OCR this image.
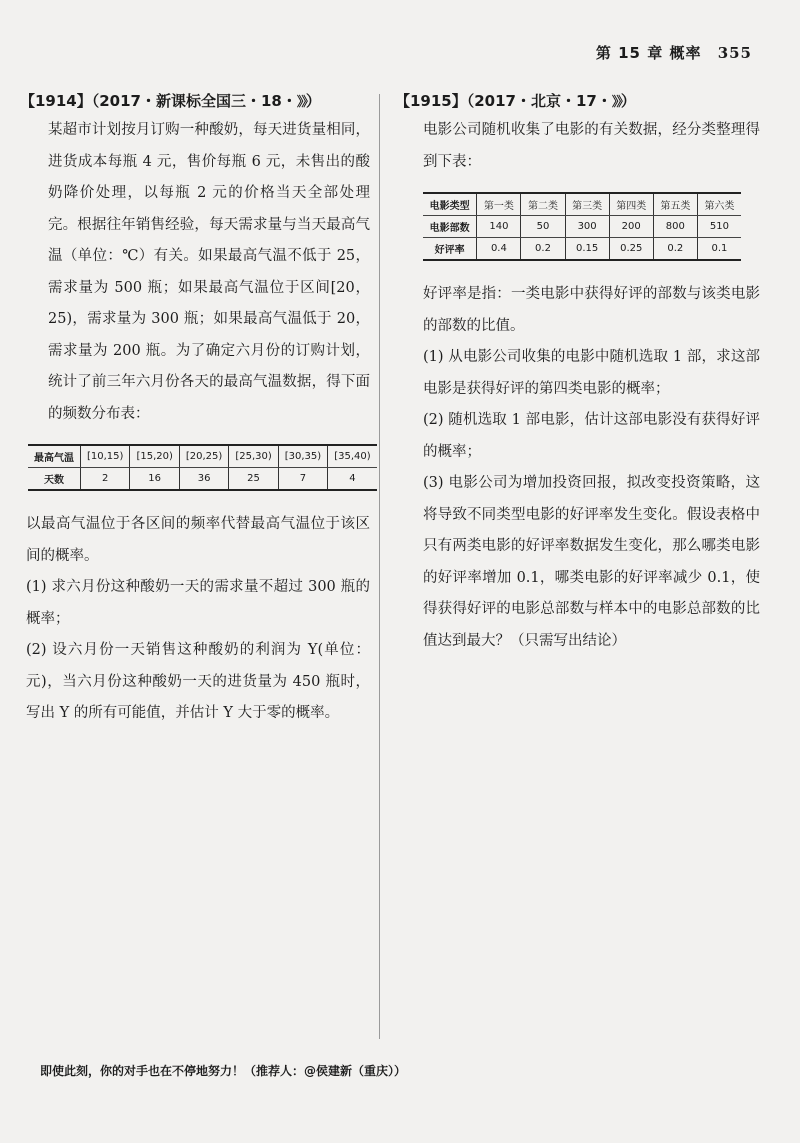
第 15 章 概率 355
【1914】（2017・新课标全国三・18・》》）

某超市计划按月订购一种酸奶，每天进货量相同，进货成本每瓶 4 元，售价每瓶 6 元，未售出的酸奶降价处理，以每瓶 2 元的价格当天全部处理完。根据往年销售经验，每天需求量与当天最高气温（单位：℃）有关。如果最高气温不低于 25，需求量为 500 瓶；如果最高气温位于区间[20，25)，需求量为 300 瓶；如果最高气温低于 20，需求量为 200 瓶。为了确定六月份的订购计划，统计了前三年六月份各天的最高气温数据，得下面的频数分布表：

最高气温	[10,15)	[15,20)	[20,25)	[25,30)	[30,35)	[35,40)
天数	2	16	36	25	7	4

以最高气温位于各区间的频率代替最高气温位于该区间的概率。

(1) 求六月份这种酸奶一天的需求量不超过 300 瓶的概率；

(2) 设六月份一天销售这种酸奶的利润为 Y(单位：元)，当六月份这种酸奶一天的进货量为 450 瓶时，写出 Y 的所有可能值，并估计 Y 大于零的概率。

【1915】（2017・北京・17・》》）

电影公司随机收集了电影的有关数据，经分类整理得到下表：

电影类型	第一类	第二类	第三类	第四类	第五类	第六类
电影部数	140	50	300	200	800	510
好评率	0.4	0.2	0.15	0.25	0.2	0.1

好评率是指：一类电影中获得好评的部数与该类电影的部数的比值。

(1) 从电影公司收集的电影中随机选取 1 部，求这部电影是获得好评的第四类电影的概率；

(2) 随机选取 1 部电影，估计这部电影没有获得好评的概率；

(3) 电影公司为增加投资回报，拟改变投资策略，这将导致不同类型电影的好评率发生变化。假设表格中只有两类电影的好评率数据发生变化，那么哪类电影的好评率增加 0.1，哪类电影的好评率减少 0.1，使得获得好评的电影总部数与样本中的电影总部数的比值达到最大？（只需写出结论）

即使此刻，你的对手也在不停地努力！（推荐人：@侯建新（重庆））
